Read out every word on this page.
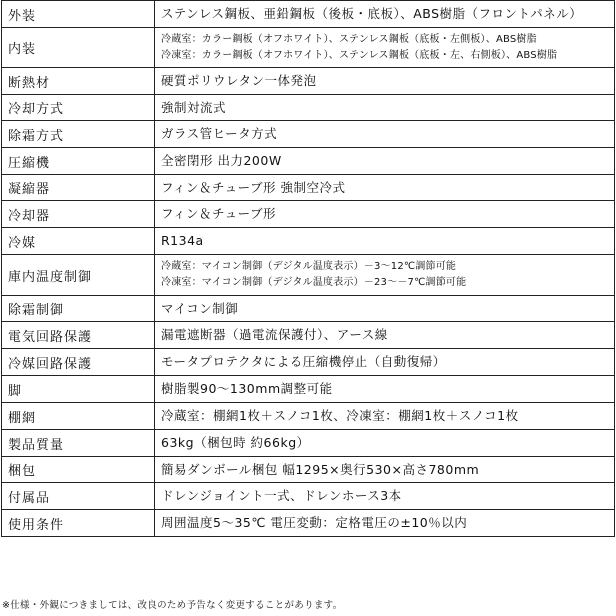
外装	ステンレス鋼板、亜鉛鋼板（後板・底板）、ABS樹脂（フロントパネル）

内装	冷蔵室：カラー鋼板（オフホワイト）、ステンレス鋼板（底板・左側板）、ABS樹脂
冷凍室：カラー鋼板（オフホワイト）、ステンレス鋼板（底板・左、右側板）、ABS樹脂

断熱材	硬質ポリウレタン一体発泡

冷却方式	強制対流式

除霜方式	ガラス管ヒータ方式

圧縮機	全密閉形 出力200W

凝縮器	フィン＆チューブ形 強制空冷式

冷却器	フィン＆チューブ形

冷媒	R134a

庫内温度制御	冷蔵室：マイコン制御（デジタル温度表示）－3～12℃調節可能
冷凍室：マイコン制御（デジタル温度表示）－23～－7℃調節可能

除霜制御	マイコン制御

電気回路保護	漏電遮断器（過電流保護付）、アース線

冷媒回路保護	モータプロテクタによる圧縮機停止（自動復帰）

脚	樹脂製90～130mm調整可能

棚網	冷蔵室：棚網1枚＋スノコ1枚、冷凍室：棚網1枚＋スノコ1枚

製品質量	63kg（梱包時 約66kg）

梱包	簡易ダンボール梱包 幅1295×奥行530×高さ780mm

付属品	ドレンジョイント一式、ドレンホース3本

使用条件	周囲温度5～35℃ 電圧変動：定格電圧の±10％以内
※仕様・外観につきましては、改良のため予告なく変更することがあります。
